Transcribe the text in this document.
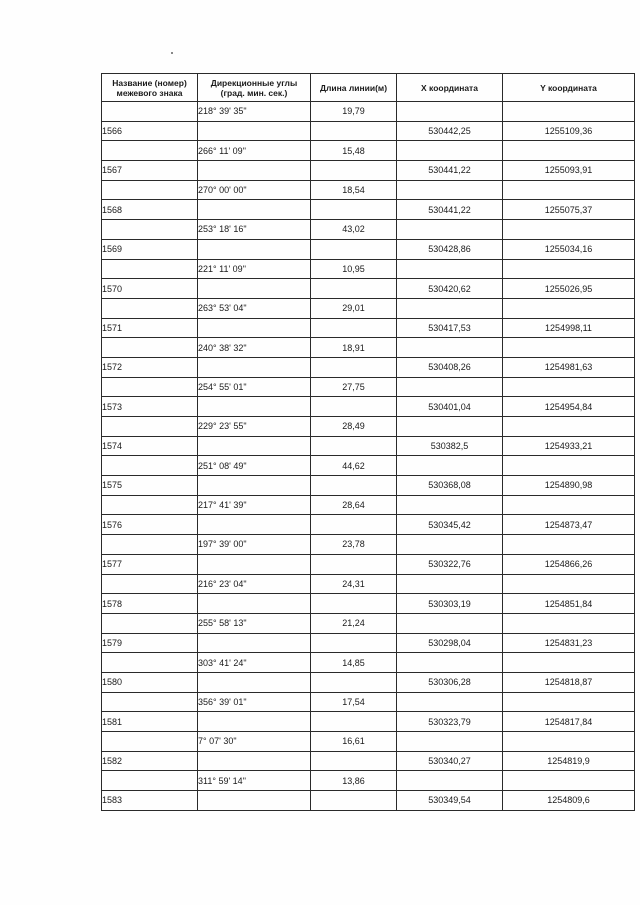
Название (номер) межевого знака	Дирекционные углы (град. мин. сек.)	Длина линии(м)	X координата	Y координата
	218° 39' 35"	19,79		
1566			530442,25	1255109,36
	266° 11' 09"	15,48		
1567			530441,22	1255093,91
	270° 00' 00"	18,54		
1568			530441,22	1255075,37
	253° 18' 16"	43,02		
1569			530428,86	1255034,16
	221° 11' 09"	10,95		
1570			530420,62	1255026,95
	263° 53' 04"	29,01		
1571			530417,53	1254998,11
	240° 38' 32"	18,91		
1572			530408,26	1254981,63
	254° 55' 01"	27,75		
1573			530401,04	1254954,84
	229° 23' 55"	28,49		
1574			530382,5	1254933,21
	251° 08' 49"	44,62		
1575			530368,08	1254890,98
	217° 41' 39"	28,64		
1576			530345,42	1254873,47
	197° 39' 00"	23,78		
1577			530322,76	1254866,26
	216° 23' 04"	24,31		
1578			530303,19	1254851,84
	255° 58' 13"	21,24		
1579			530298,04	1254831,23
	303° 41' 24"	14,85		
1580			530306,28	1254818,87
	356° 39' 01"	17,54		
1581			530323,79	1254817,84
	7° 07' 30"	16,61		
1582			530340,27	1254819,9
	311° 59' 14"	13,86		
1583			530349,54	1254809,6
